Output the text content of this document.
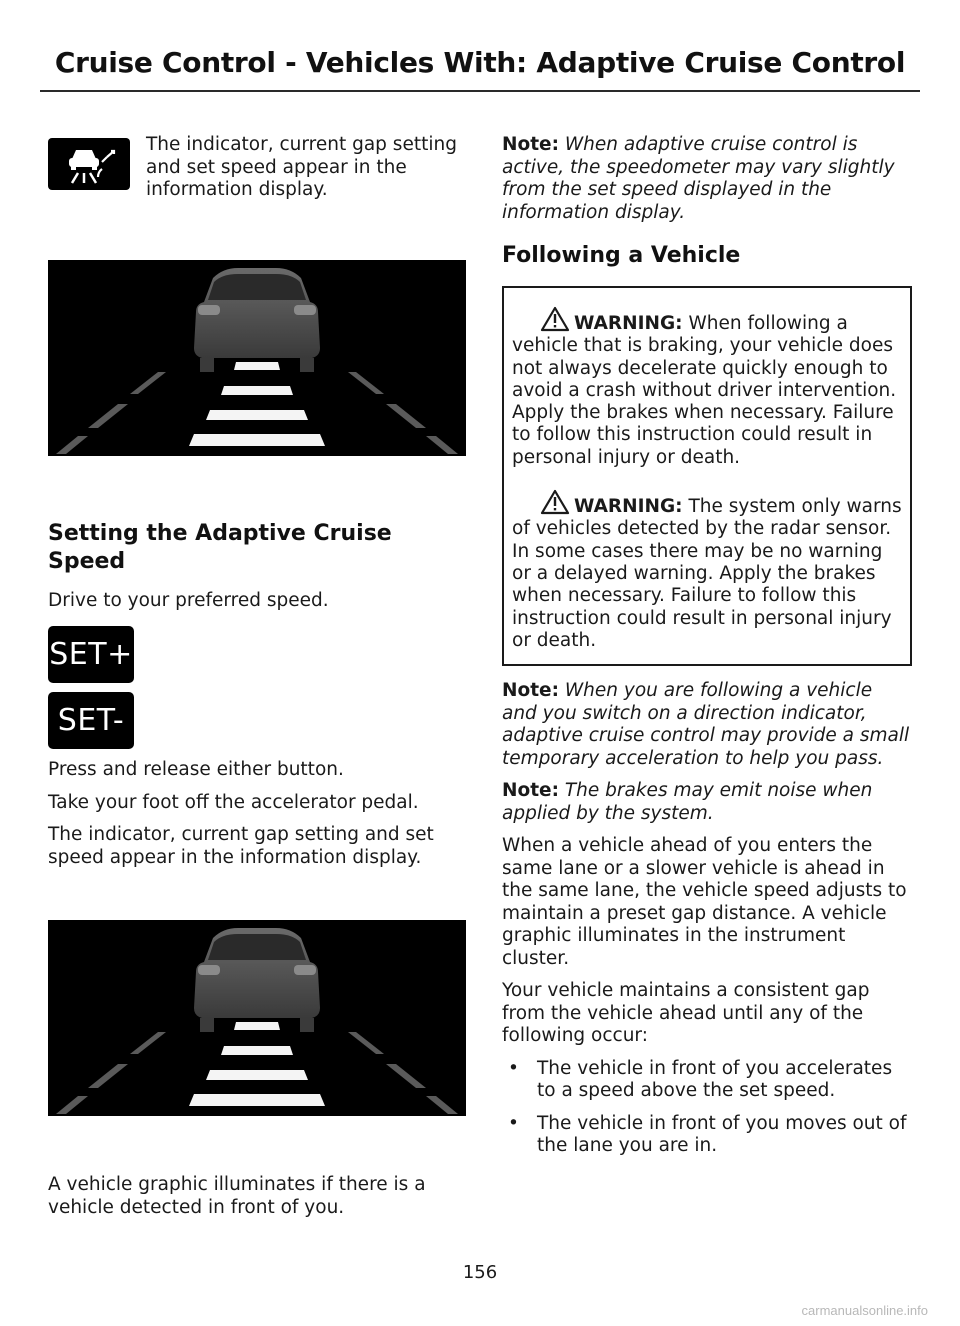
Cruise Control - Vehicles With: Adaptive Cruise Control

The indicator, current gap setting and set speed appear in the information display.

Setting the Adaptive Cruise Speed

Drive to your preferred speed.

SET+
SET-

Press and release either button.

Take your foot off the accelerator pedal.

The indicator, current gap setting and set speed appear in the information display.

A vehicle graphic illuminates if there is a vehicle detected in front of you.

Note: When adaptive cruise control is active, the speedometer may vary slightly from the set speed displayed in the information display.

Following a Vehicle

WARNING: When following a vehicle that is braking, your vehicle does not always decelerate quickly enough to avoid a crash without driver intervention. Apply the brakes when necessary. Failure to follow this instruction could result in personal injury or death.

WARNING: The system only warns of vehicles detected by the radar sensor. In some cases there may be no warning or a delayed warning. Apply the brakes when necessary. Failure to follow this instruction could result in personal injury or death.

Note: When you are following a vehicle and you switch on a direction indicator, adaptive cruise control may provide a small temporary acceleration to help you pass.

Note: The brakes may emit noise when applied by the system.

When a vehicle ahead of you enters the same lane or a slower vehicle is ahead in the same lane, the vehicle speed adjusts to maintain a preset gap distance. A vehicle graphic illuminates in the instrument cluster.

Your vehicle maintains a consistent gap from the vehicle ahead until any of the following occur:

• The vehicle in front of you accelerates to a speed above the set speed.
• The vehicle in front of you moves out of the lane you are in.
156
carmanualsonline.info
